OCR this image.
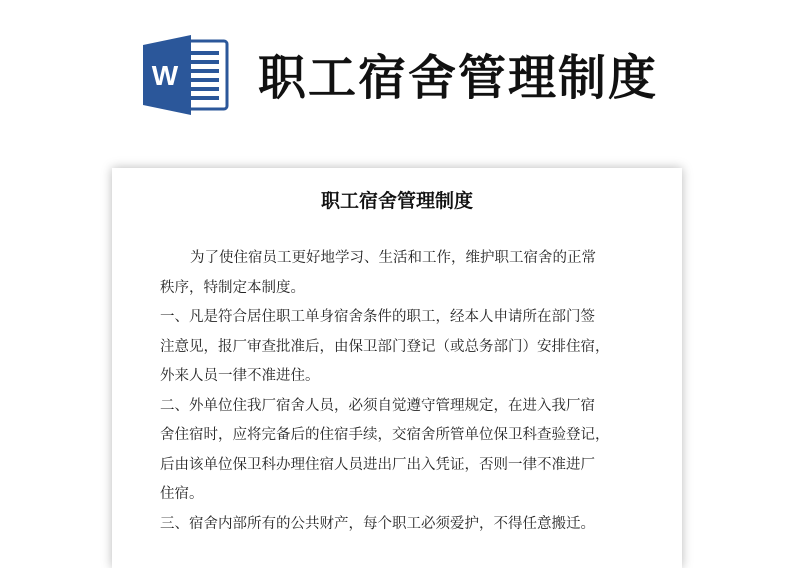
W 职工宿舍管理制度
职工宿舍管理制度
为了使住宿员工更好地学习、生活和工作，维护职工宿舍的正常
秩序，特制定本制度。
一、凡是符合居住职工单身宿舍条件的职工，经本人申请所在部门签
注意见，报厂审查批准后，由保卫部门登记（或总务部门）安排住宿，
外来人员一律不准进住。
二、外单位住我厂宿舍人员，必须自觉遵守管理规定，在进入我厂宿
舍住宿时，应将完备后的住宿手续，交宿舍所管单位保卫科查验登记，
后由该单位保卫科办理住宿人员进出厂出入凭证，否则一律不准进厂
住宿。
三、宿舍内部所有的公共财产，每个职工必须爱护，不得任意搬迁。
